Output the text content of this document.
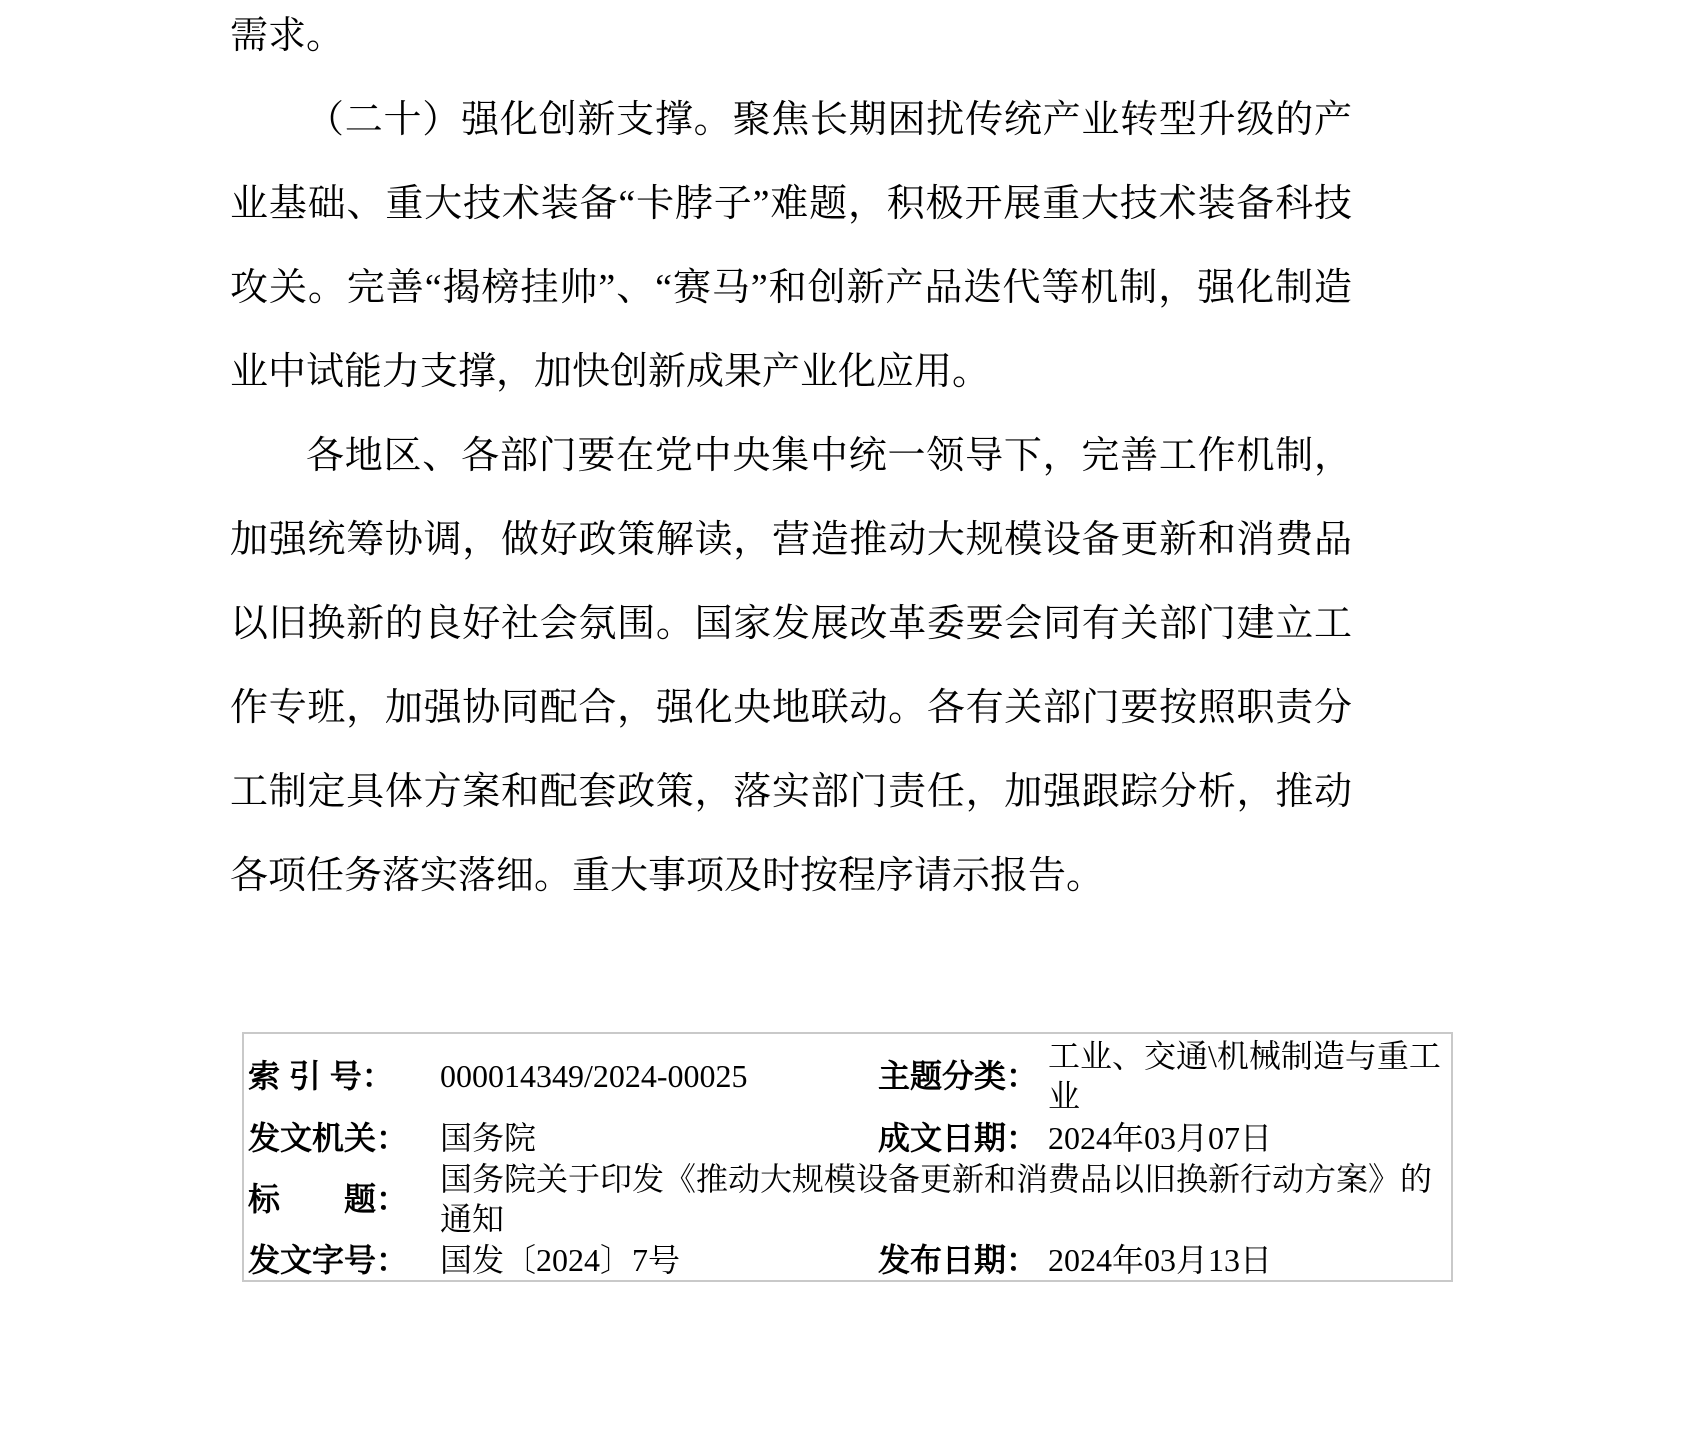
需求。

（二十）强化创新支撑。聚焦长期困扰传统产业转型升级的产业基础、重大技术装备“卡脖子”难题，积极开展重大技术装备科技攻关。完善“揭榜挂帅”、“赛马”和创新产品迭代等机制，强化制造业中试能力支撑，加快创新成果产业化应用。

各地区、各部门要在党中央集中统一领导下，完善工作机制，加强统筹协调，做好政策解读，营造推动大规模设备更新和消费品以旧换新的良好社会氛围。国家发展改革委要会同有关部门建立工作专班，加强协同配合，强化央地联动。各有关部门要按照职责分工制定具体方案和配套政策，落实部门责任，加强跟踪分析，推动各项任务落实落细。重大事项及时按程序请示报告。

索 引 号：	000014349/2024-00025	主题分类：
工业、交通\机械制造与重工业
发文机关： 国务院	成文日期： 2024年03月07日
标　　题：
国务院关于印发《推动大规模设备更新和消费品以旧换新行动方案》的通知
发文字号： 国发〔2024〕7号	发布日期： 2024年03月13日
